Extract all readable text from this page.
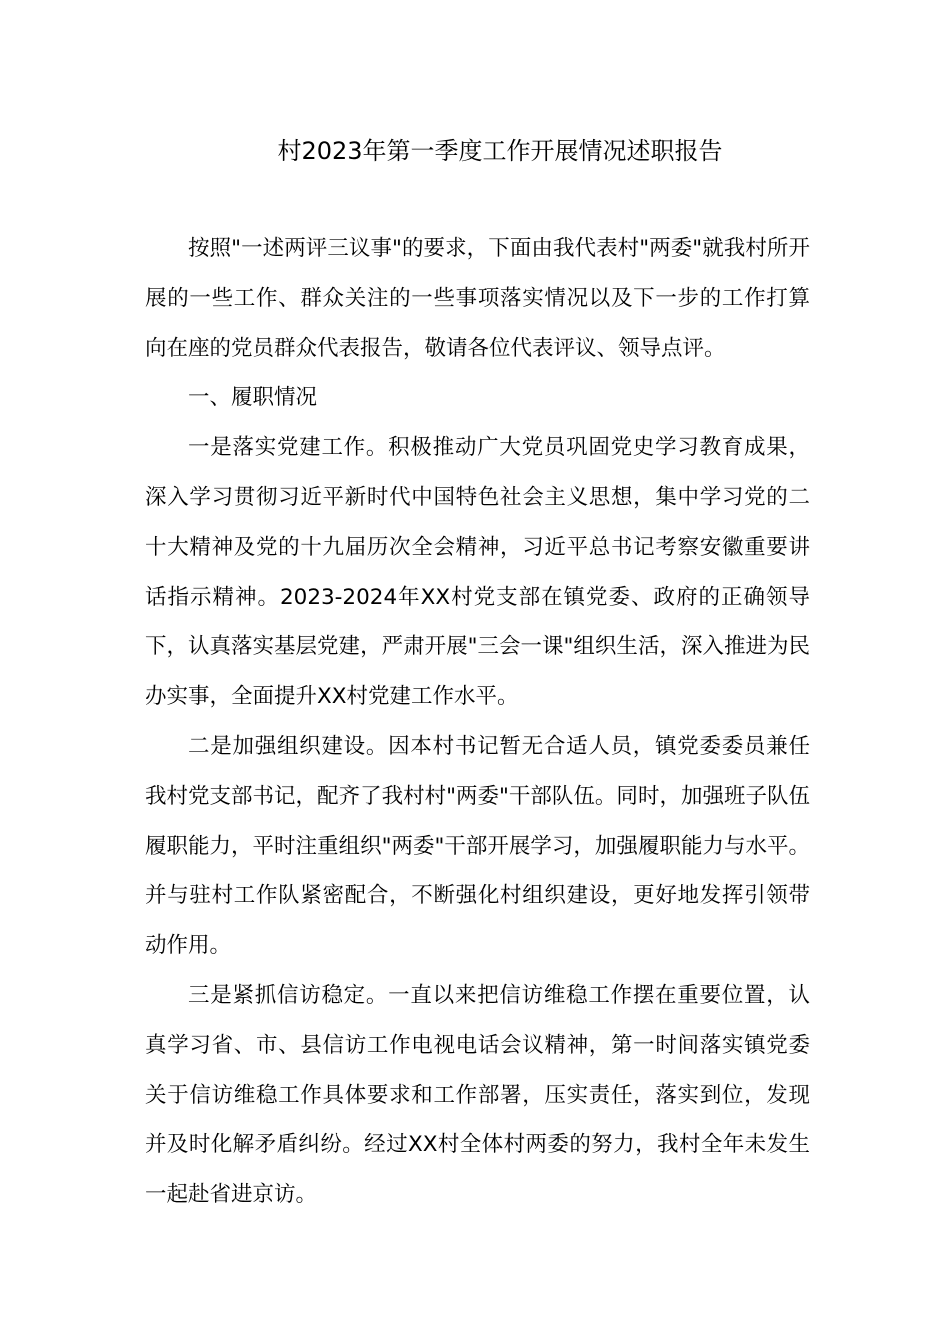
村2023年第一季度工作开展情况述职报告

按照"一述两评三议事"的要求，下面由我代表村"两委"就我村所开展的一些工作、群众关注的一些事项落实情况以及下一步的工作打算向在座的党员群众代表报告，敬请各位代表评议、领导点评。

一、履职情况

一是落实党建工作。积极推动广大党员巩固党史学习教育成果，深入学习贯彻习近平新时代中国特色社会主义思想，集中学习党的二十大精神及党的十九届历次全会精神，习近平总书记考察安徽重要讲话指示精神。2023-2024年XX村党支部在镇党委、政府的正确领导下，认真落实基层党建，严肃开展"三会一课"组织生活，深入推进为民办实事，全面提升XX村党建工作水平。

二是加强组织建设。因本村书记暂无合适人员，镇党委委员兼任我村党支部书记，配齐了我村村"两委"干部队伍。同时，加强班子队伍履职能力，平时注重组织"两委"干部开展学习，加强履职能力与水平。并与驻村工作队紧密配合，不断强化村组织建设，更好地发挥引领带动作用。

三是紧抓信访稳定。一直以来把信访维稳工作摆在重要位置，认真学习省、市、县信访工作电视电话会议精神，第一时间落实镇党委关于信访维稳工作具体要求和工作部署，压实责任，落实到位，发现并及时化解矛盾纠纷。经过XX村全体村两委的努力，我村全年未发生一起赴省进京访。
